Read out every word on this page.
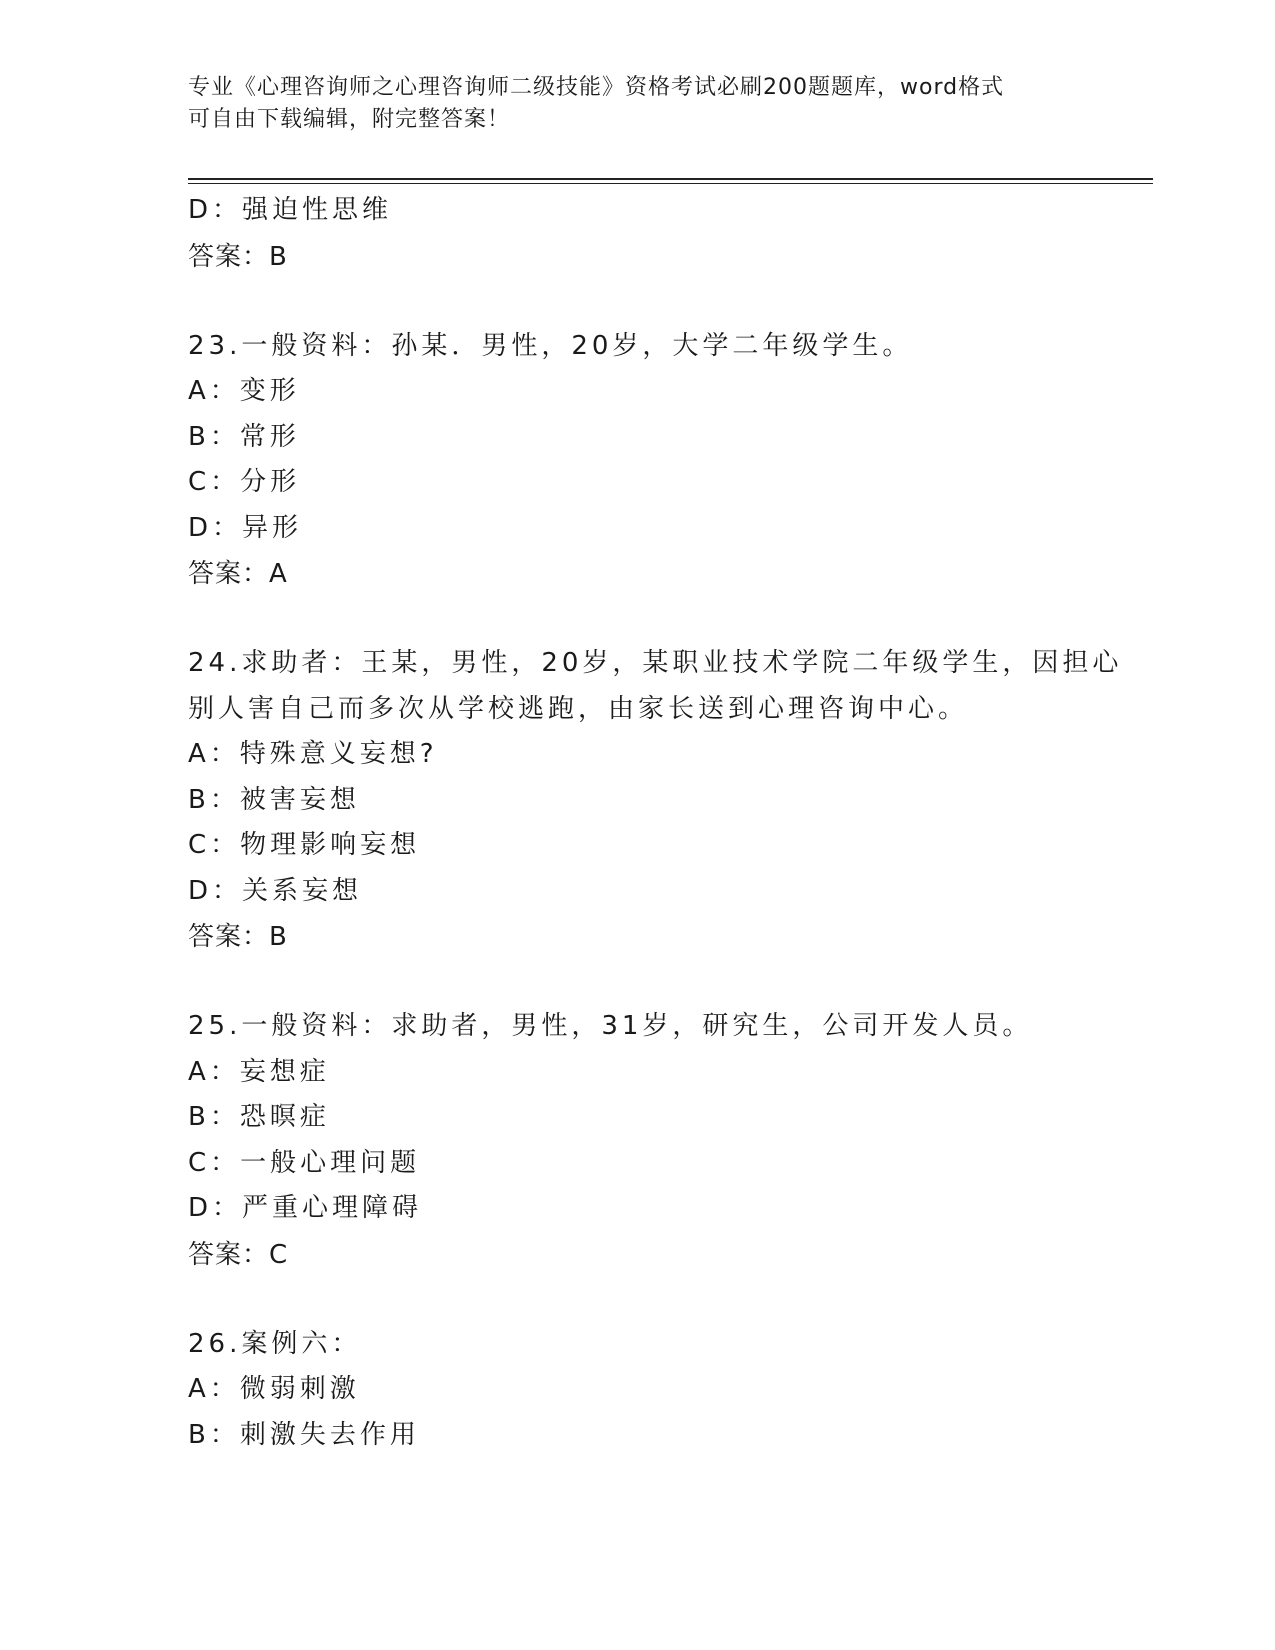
专业《心理咨询师之心理咨询师二级技能》资格考试必刷200题题库，word格式
可自由下载编辑，附完整答案！
D：强迫性思维
答案：B
23.一般资料：孙某．男性，20岁，大学二年级学生。
A：变形
B：常形
C：分形
D：异形
答案：A
24.求助者：王某，男性，20岁，某职业技术学院二年级学生，因担心
别人害自己而多次从学校逃跑，由家长送到心理咨询中心。
A：特殊意义妄想?
B：被害妄想
C：物理影响妄想
D：关系妄想
答案：B
25.一般资料：求助者，男性，31岁，研究生，公司开发人员。
A：妄想症
B：恐暝症
C：一般心理问题
D：严重心理障碍
答案：C
26.案例六：
A：微弱刺激
B：刺激失去作用
